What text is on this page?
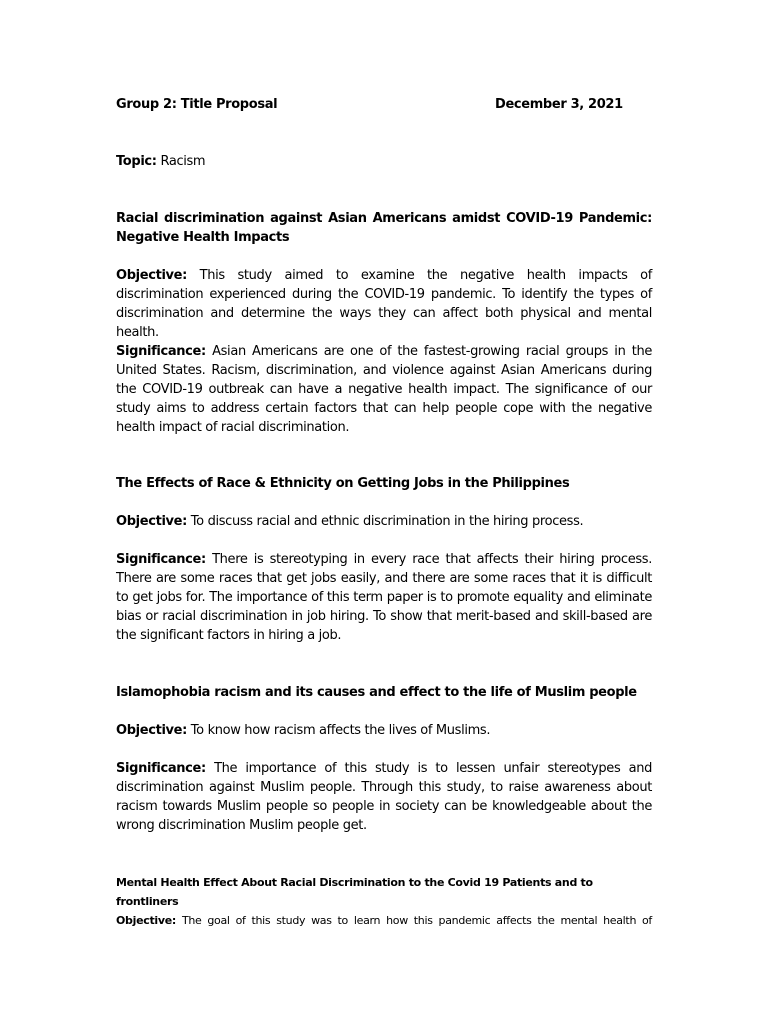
Group 2: Title Proposal	December 3, 2021
Topic: Racism
Racial discrimination against Asian Americans amidst COVID-19 Pandemic: Negative Health Impacts
Objective: This study aimed to examine the negative health impacts of discrimination experienced during the COVID-19 pandemic. To identify the types of discrimination and determine the ways they can affect both physical and mental health.
Significance: Asian Americans are one of the fastest-growing racial groups in the United States. Racism, discrimination, and violence against Asian Americans during the COVID-19 outbreak can have a negative health impact. The significance of our study aims to address certain factors that can help people cope with the negative health impact of racial discrimination.
The Effects of Race & Ethnicity on Getting Jobs in the Philippines
Objective: To discuss racial and ethnic discrimination in the hiring process.
Significance: There is stereotyping in every race that affects their hiring process. There are some races that get jobs easily, and there are some races that it is difficult to get jobs for. The importance of this term paper is to promote equality and eliminate bias or racial discrimination in job hiring. To show that merit-based and skill-based are the significant factors in hiring a job.
Islamophobia racism and its causes and effect to the life of Muslim people
Objective: To know how racism affects the lives of Muslims.
Significance: The importance of this study is to lessen unfair stereotypes and discrimination against Muslim people. Through this study, to raise awareness about racism towards Muslim people so people in society can be knowledgeable about the wrong discrimination Muslim people get.
Mental Health Effect About Racial Discrimination to the Covid 19 Patients and to frontliners
Objective: The goal of this study was to learn how this pandemic affects the mental health of
